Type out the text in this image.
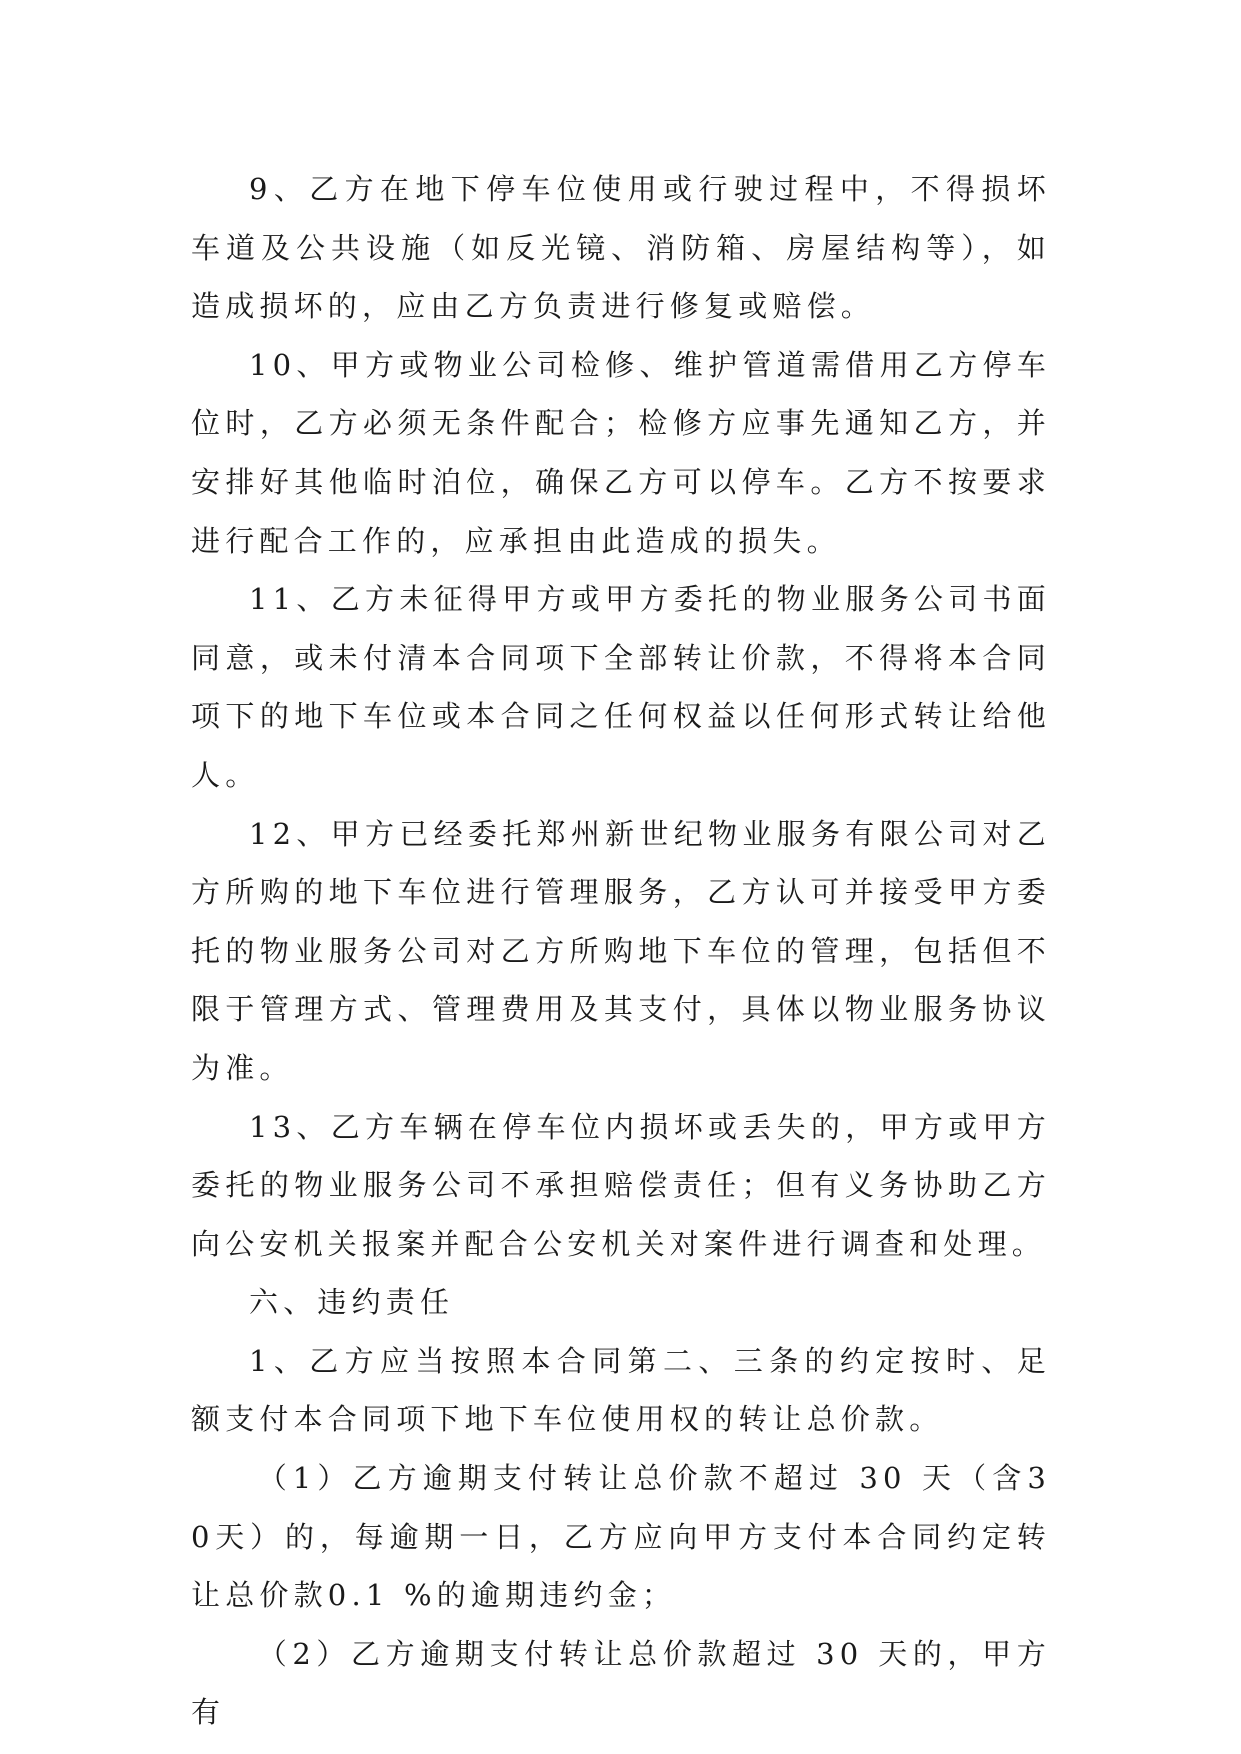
9、乙方在地下停车位使用或行驶过程中，不得损坏车道及公共设施（如反光镜、消防箱、房屋结构等），如造成损坏的，应由乙方负责进行修复或赔偿。

10、甲方或物业公司检修、维护管道需借用乙方停车位时，乙方必须无条件配合；检修方应事先通知乙方，并安排好其他临时泊位，确保乙方可以停车。乙方不按要求进行配合工作的，应承担由此造成的损失。

11、乙方未征得甲方或甲方委托的物业服务公司书面同意，或未付清本合同项下全部转让价款，不得将本合同项下的地下车位或本合同之任何权益以任何形式转让给他人。

12、甲方已经委托郑州新世纪物业服务有限公司对乙方所购的地下车位进行管理服务，乙方认可并接受甲方委托的物业服务公司对乙方所购地下车位的管理，包括但不限于管理方式、管理费用及其支付，具体以物业服务协议为准。

13、乙方车辆在停车位内损坏或丢失的，甲方或甲方委托的物业服务公司不承担赔偿责任；但有义务协助乙方向公安机关报案并配合公安机关对案件进行调查和处理。

六、违约责任

1、乙方应当按照本合同第二、三条的约定按时、足额支付本合同项下地下车位使用权的转让总价款。

（1）乙方逾期支付转让总价款不超过 30 天（含30天）的，每逾期一日，乙方应向甲方支付本合同约定转让总价款0.1 %的逾期违约金；

（2）乙方逾期支付转让总价款超过 30 天的，甲方有
